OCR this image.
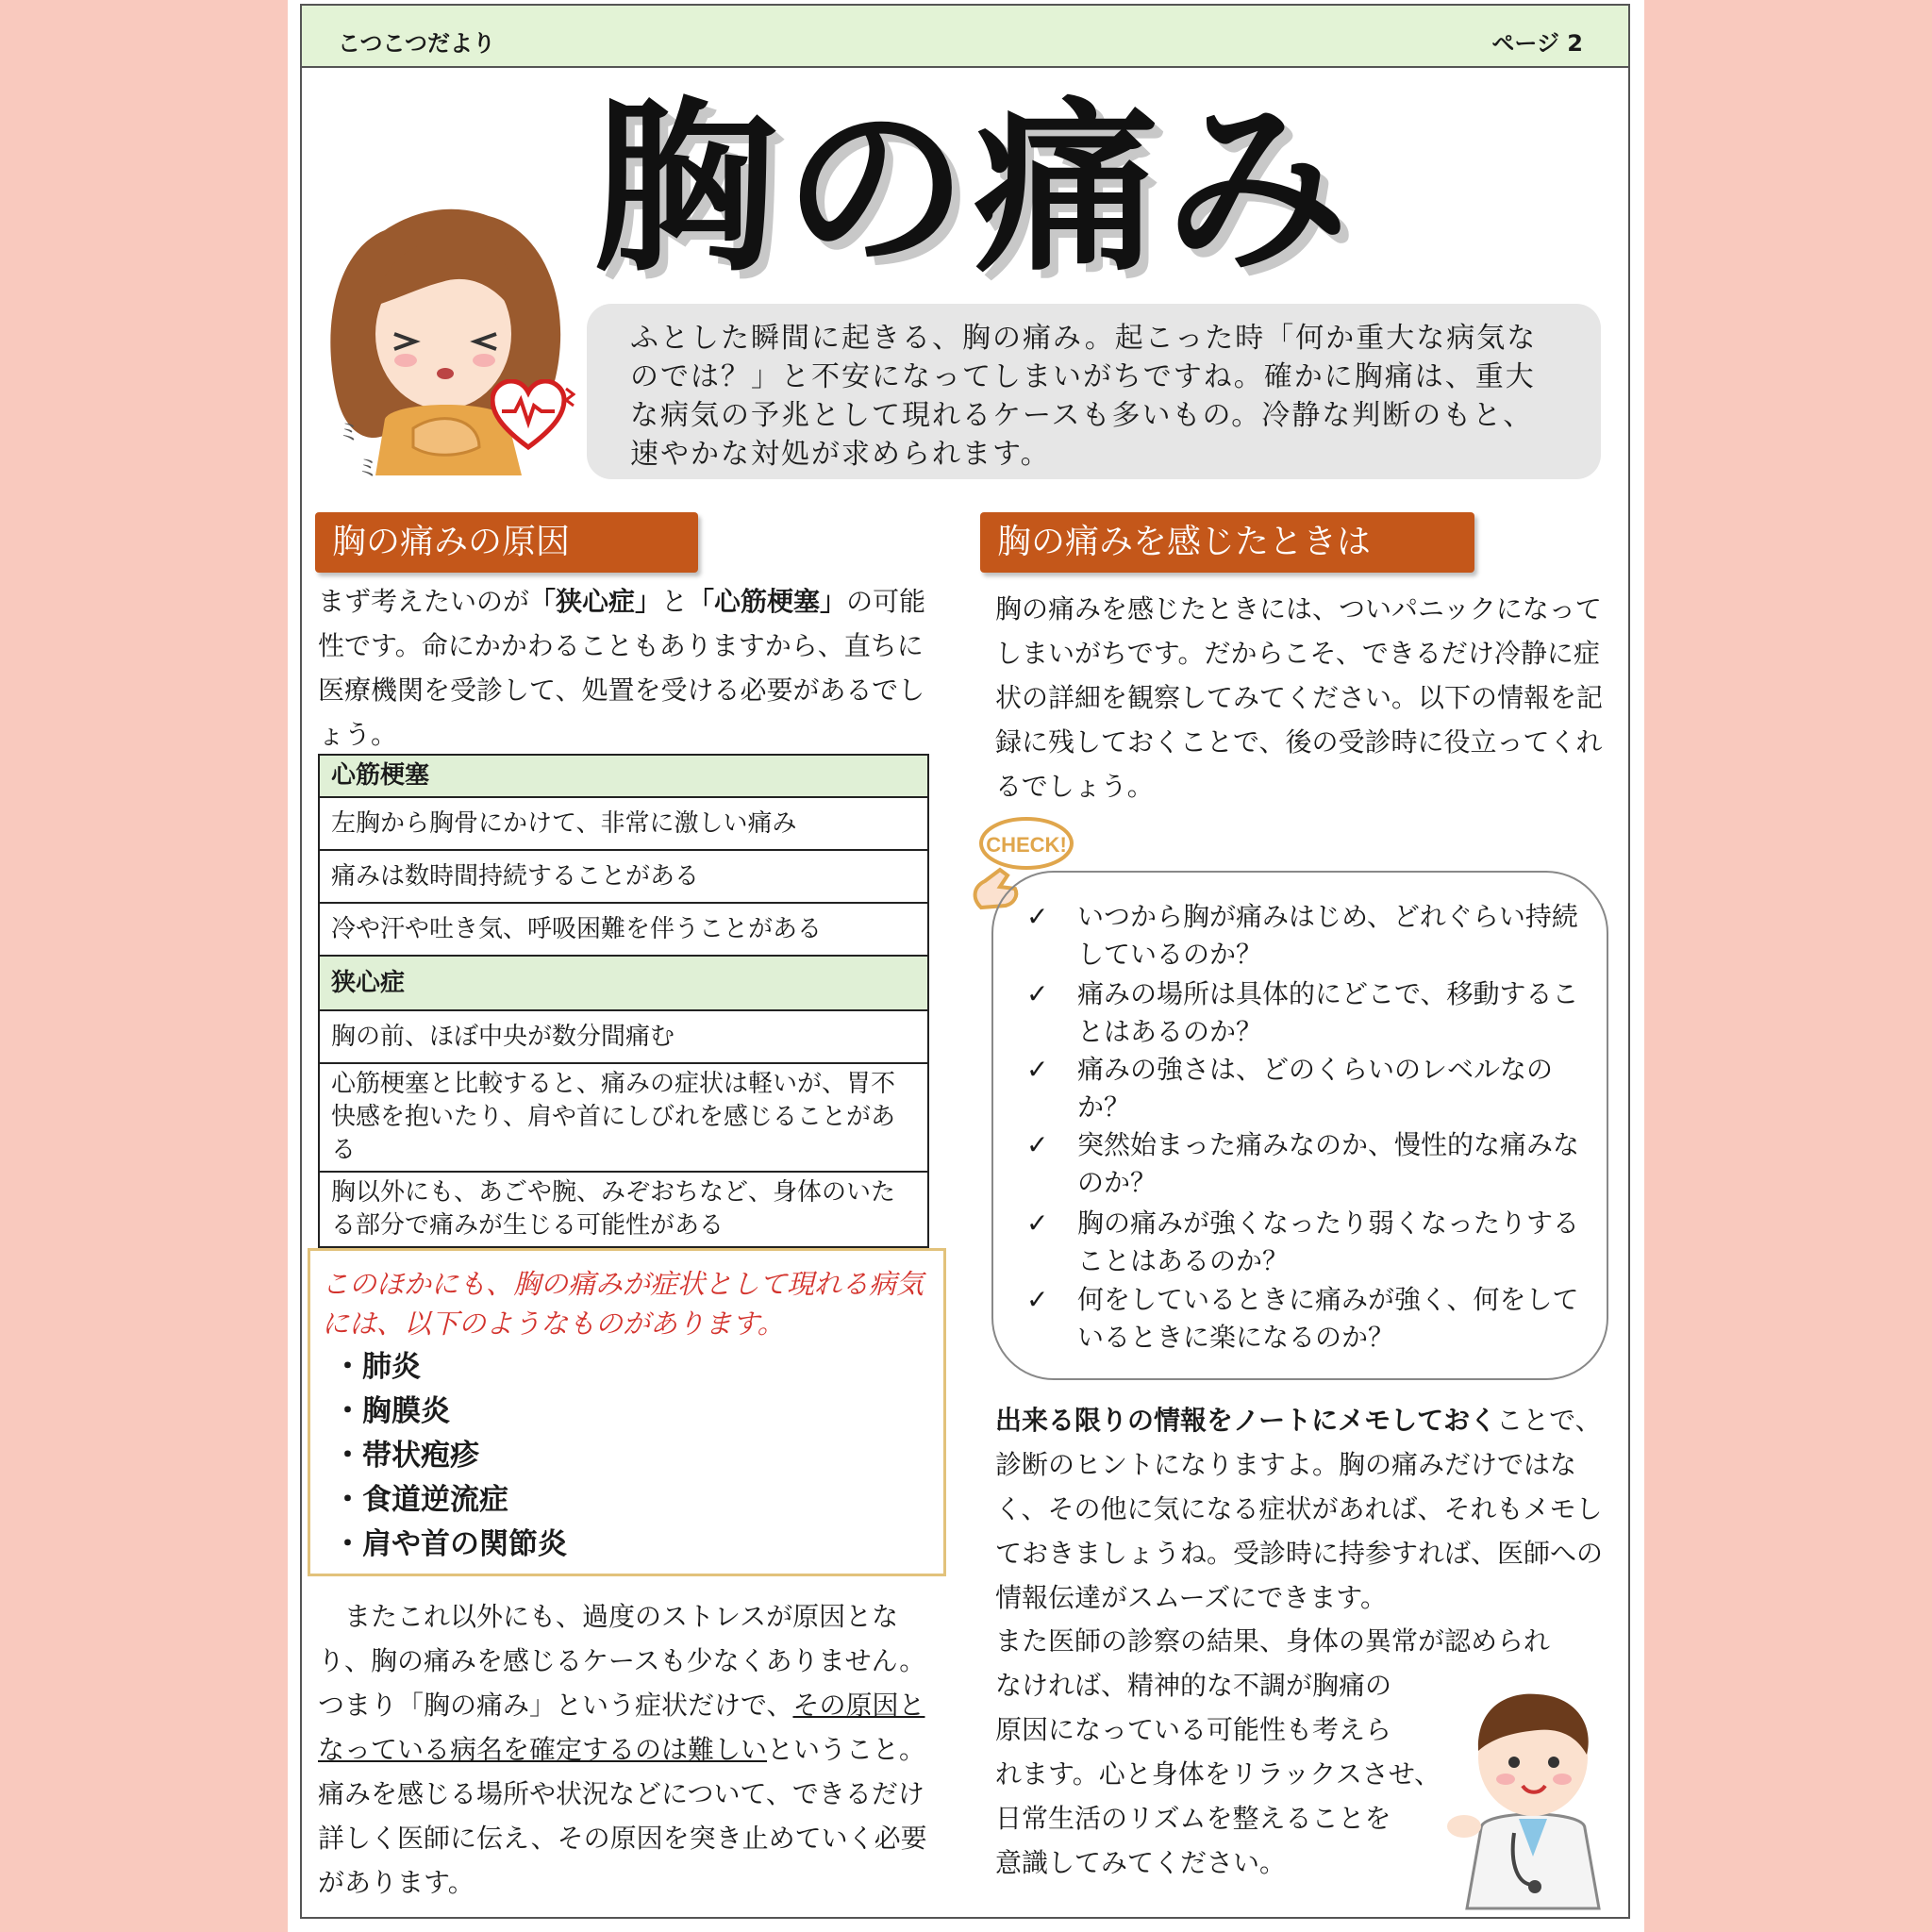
こつこつだより	ページ 2
ミ
ミ
胸の痛み
ふとした瞬間に起きる、胸の痛み。起こった時「何か重大な病気なのでは？」と不安になってしまいがちですね。確かに胸痛は、重大な病気の予兆として現れるケースも多いもの。冷静な判断のもと、速やかな対処が求められます。
胸の痛みの原因	胸の痛みを感じたときは
まず考えたいのが「狭心症」と「心筋梗塞」の可能性です。命にかかわることもありますから、直ちに医療機関を受診して、処置を受ける必要があるでしょう。
心筋梗塞
左胸から胸骨にかけて、非常に激しい痛み
痛みは数時間持続することがある
冷や汗や吐き気、呼吸困難を伴うことがある
狭心症
胸の前、ほぼ中央が数分間痛む
心筋梗塞と比較すると、痛みの症状は軽いが、胃不快感を抱いたり、肩や首にしびれを感じることがある
胸以外にも、あごや腕、みぞおちなど、身体のいたる部分で痛みが生じる可能性がある
このほかにも、胸の痛みが症状として現れる病気には、以下のようなものがあります。
・肺炎
・胸膜炎
・帯状疱疹
・食道逆流症
・肩や首の関節炎
　またこれ以外にも、過度のストレスが原因となり、胸の痛みを感じるケースも少なくありません。つまり「胸の痛み」という症状だけで、その原因となっている病名を確定するのは難しいということ。痛みを感じる場所や状況などについて、できるだけ詳しく医師に伝え、その原因を突き止めていく必要があります。
胸の痛みを感じたときには、ついパニックになってしまいがちです。だからこそ、できるだけ冷静に症状の詳細を観察してみてください。以下の情報を記録に残しておくことで、後の受診時に役立ってくれるでしょう。
CHECK!
✓ いつから胸が痛みはじめ、どれぐらい持続しているのか？
✓ 痛みの場所は具体的にどこで、移動することはあるのか？
✓ 痛みの強さは、どのくらいのレベルなのか？
✓ 突然始まった痛みなのか、慢性的な痛みなのか？
✓ 胸の痛みが強くなったり弱くなったりすることはあるのか？
✓ 何をしているときに痛みが強く、何をしているときに楽になるのか？
出来る限りの情報をノートにメモしておくことで、診断のヒントになりますよ。胸の痛みだけではなく、その他に気になる症状があれば、それもメモしておきましょうね。受診時に持参すれば、医師への情報伝達がスムーズにできます。
また医師の診察の結果、身体の異常が認められ
なければ、精神的な不調が胸痛の
原因になっている可能性も考えら
れます。心と身体をリラックスさせ、
日常生活のリズムを整えることを
意識してみてください。
